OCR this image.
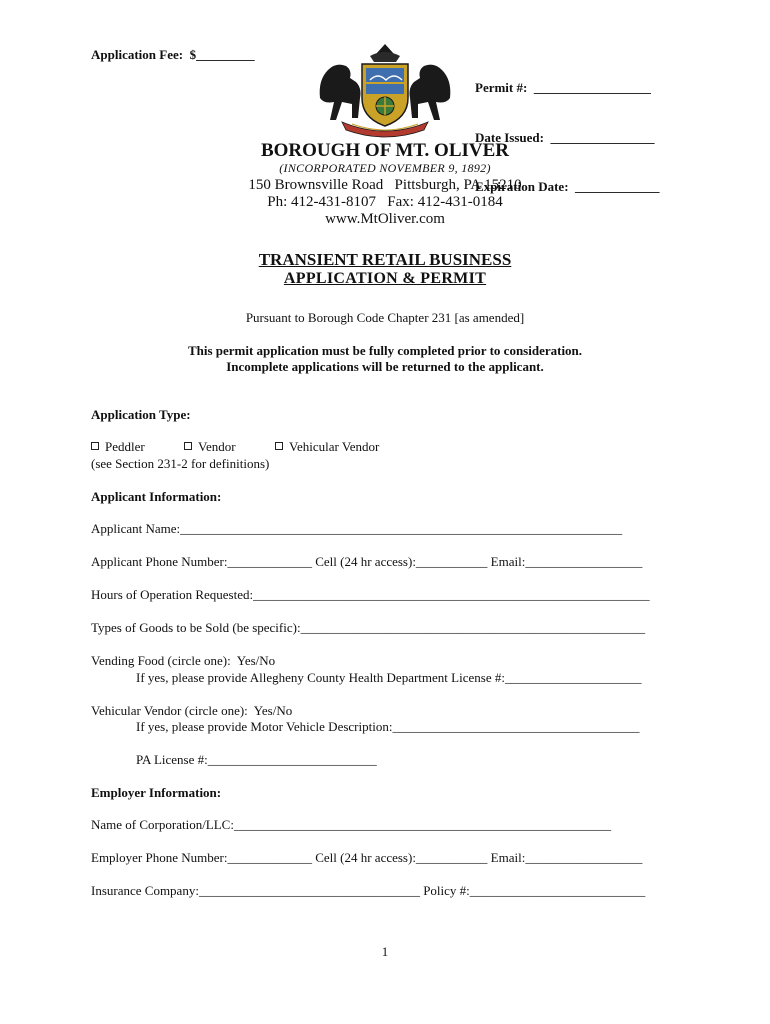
Application Fee:  $_________

Permit #:  __________________

Date Issued:  ________________

Expiration Date:  _____________

BOROUGH OF MT. OLIVER
(INCORPORATED NOVEMBER 9, 1892)
150 Brownsville Road   Pittsburgh, PA 15210
Ph: 412-431-8107   Fax: 412-431-0184
www.MtOliver.com
TRANSIENT RETAIL BUSINESS
APPLICATION & PERMIT
Pursuant to Borough Code Chapter 231 [as amended]
This permit application must be fully completed prior to consideration.
Incomplete applications will be returned to the applicant.
Application Type:
Peddler	Vendor	Vehicular Vendor
(see Section 231-2 for definitions)
Applicant Information:
Applicant Name:____________________________________________________________________
Applicant Phone Number:_____________ Cell (24 hr access):___________ Email:__________________
Hours of Operation Requested:_____________________________________________________________
Types of Goods to be Sold (be specific):_____________________________________________________
Vending Food (circle one):  Yes/No
If yes, please provide Allegheny County Health Department License #:_____________________
Vehicular Vendor (circle one):  Yes/No
If yes, please provide Motor Vehicle Description:______________________________________
PA License #:__________________________
Employer Information:
Name of Corporation/LLC:__________________________________________________________
Employer Phone Number:_____________ Cell (24 hr access):___________ Email:__________________
Insurance Company:__________________________________ Policy #:___________________________
1
